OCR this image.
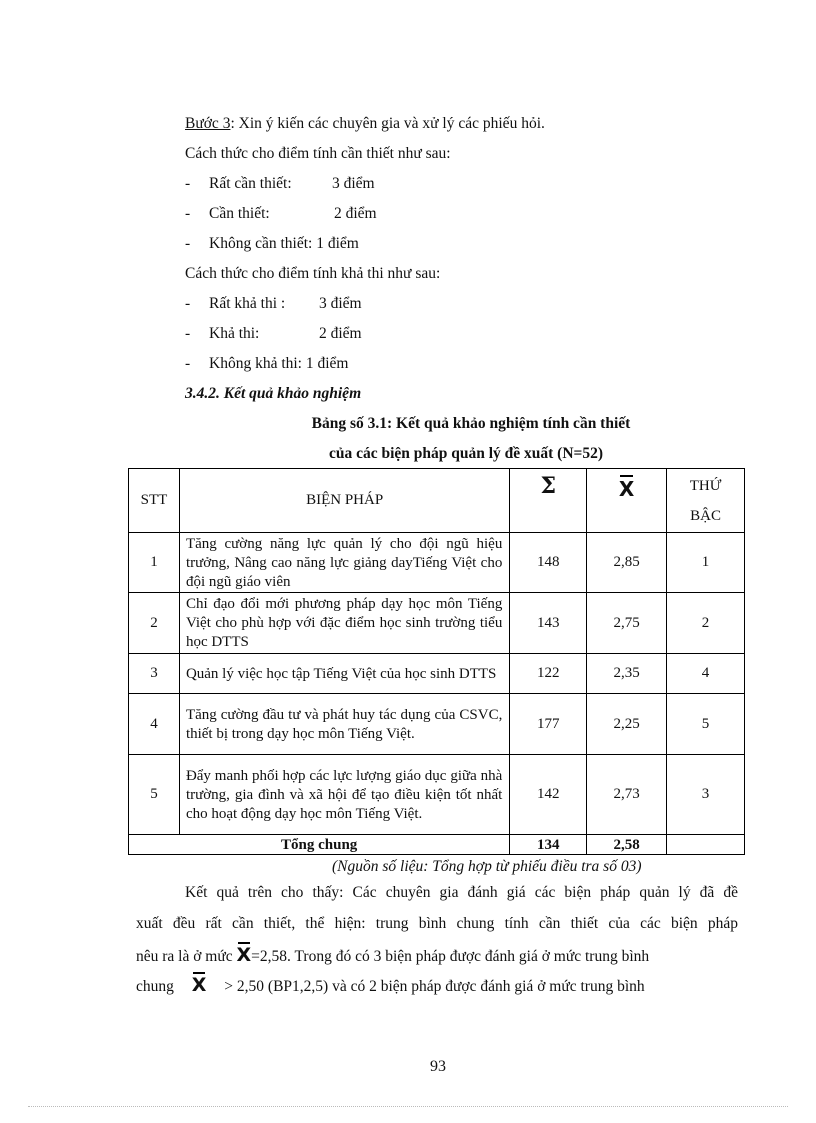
Bước 3: Xin ý kiến các chuyên gia và xử lý các phiếu hỏi.
Cách thức cho điểm tính cần thiết như sau:
- Rất cần thiết:	3 điểm
- Cần thiết:	2 điểm
- Không cần thiết: 1 điểm
Cách thức cho điểm tính khả thi như sau:
- Rất khả thi : 3 điểm
- Khả thi:	2 điểm
- Không khả thi: 1 điểm
3.4.2. Kết quả khảo nghiệm
Bảng số 3.1: Kết quả khảo nghiệm tính cần thiết
của các biện pháp quản lý đề xuất (N=52)
STT	BIỆN PHÁP	Σ	X	THỨ
BẬC

1	Tăng cường năng lực quản lý cho đội ngũ hiệu trưởng, Nâng cao năng lực giảng dayTiếng Việt cho đội ngũ giáo viên	148	2,85	1
2	Chỉ đạo đổi mới phương pháp dạy học môn Tiếng Việt cho phù hợp với đặc điểm học sinh trường tiểu học DTTS	143	2,75	2
3	Quản lý việc học tập Tiếng Việt của học sinh DTTS	122	2,35	4
4	Tăng cường đầu tư và phát huy tác dụng của CSVC, thiết bị trong dạy học môn Tiếng Việt.	177	2,25	5
5	Đẩy manh phối hợp các lực lượng giáo dục giữa nhà trường, gia đình và xã hội để tạo điều kiện tốt nhất cho hoạt động dạy học môn Tiếng Việt.	142	2,73	3
Tổng chung		134	2,58	
(Nguồn số liệu: Tổng hợp từ phiếu điều tra số 03)
Kết quả trên cho thấy: Các chuyên gia đánh giá các biện pháp quản lý đã đề
xuất đều rất cần thiết, thể hiện: trung bình chung tính cần thiết của các biện pháp
nêu ra là ở mức X=2,58. Trong đó có 3 biện pháp được đánh giá ở mức trung bình
chung X > 2,50 (BP1,2,5) và có 2 biện pháp được đánh giá ở mức trung bình
93
